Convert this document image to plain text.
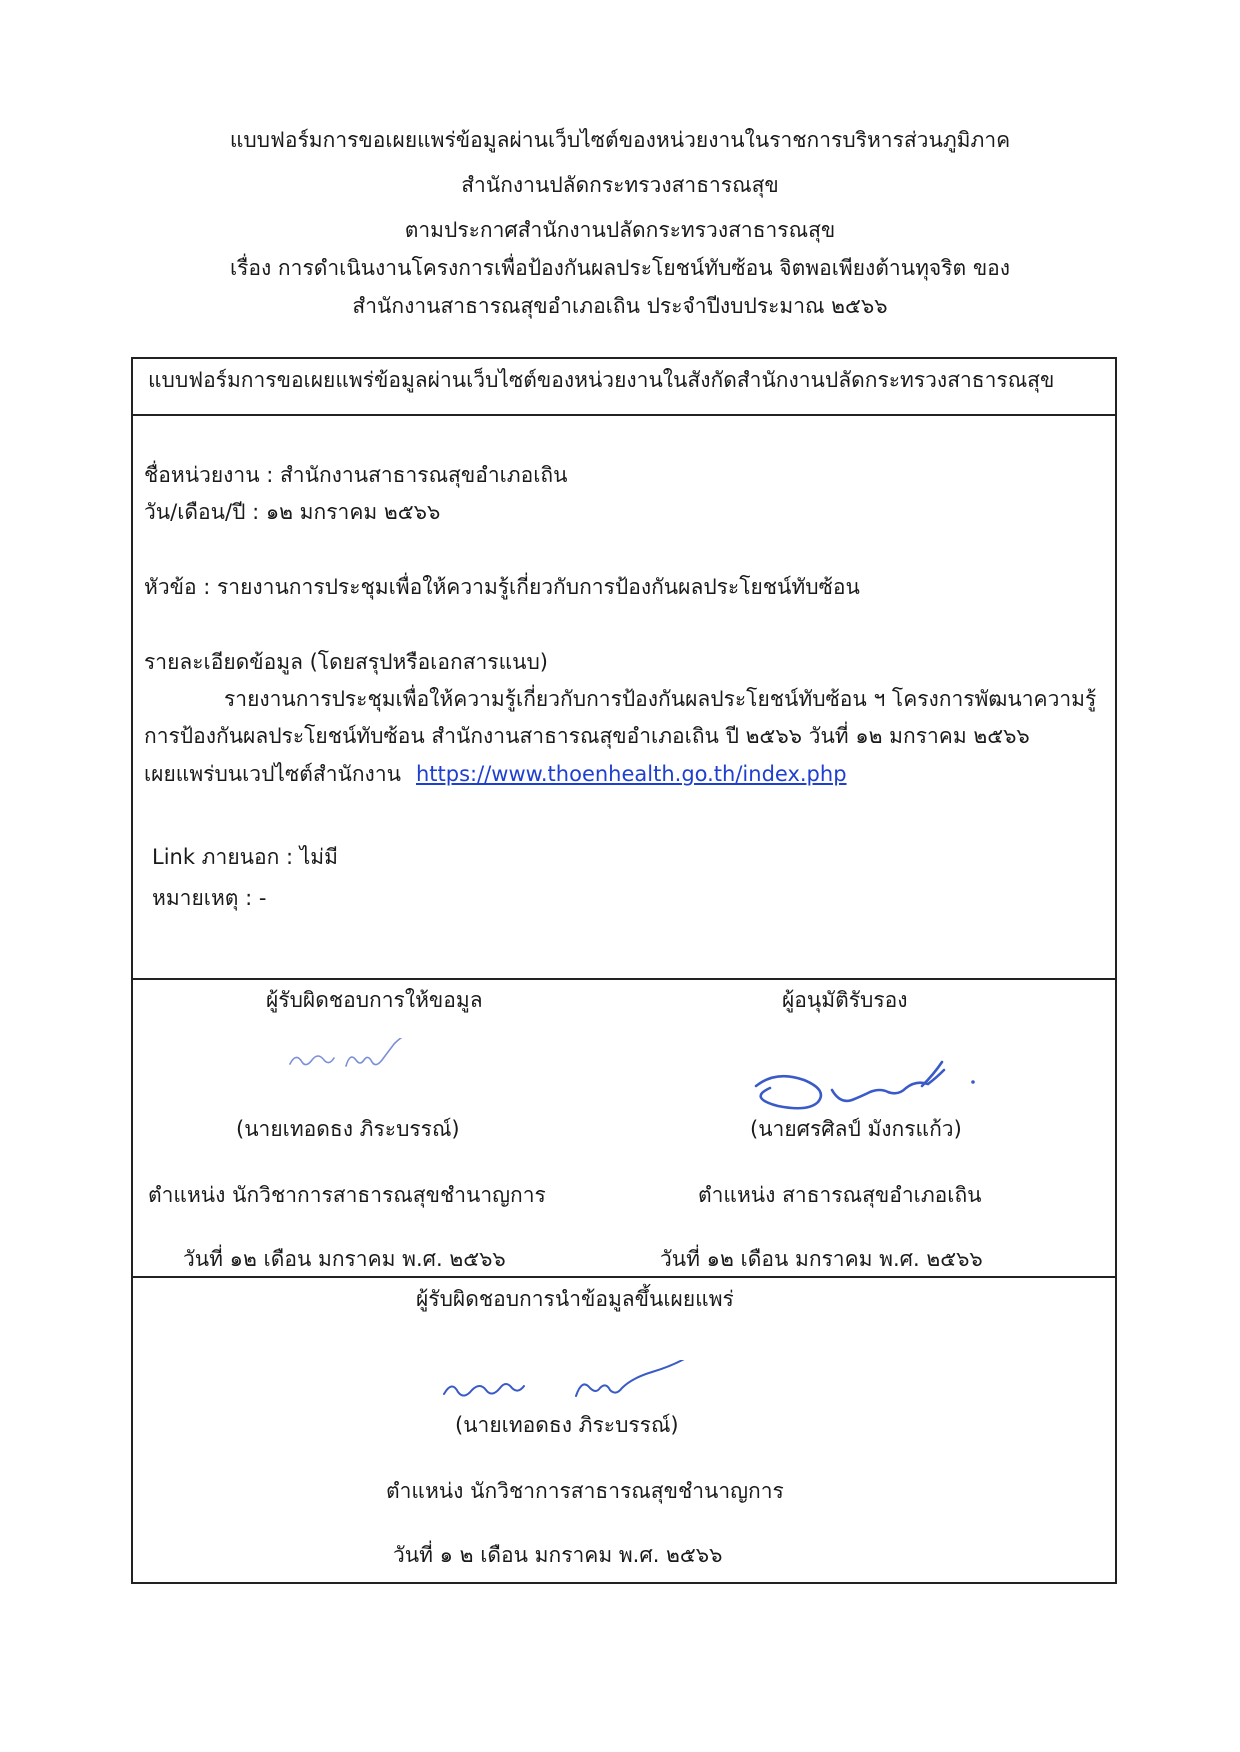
แบบฟอร์มการขอเผยแพร่ข้อมูลผ่านเว็บไซต์ของหน่วยงานในราชการบริหารส่วนภูมิภาค
สำนักงานปลัดกระทรวงสาธารณสุข
ตามประกาศสำนักงานปลัดกระทรวงสาธารณสุข
เรื่อง การดำเนินงานโครงการเพื่อป้องกันผลประโยชน์ทับซ้อน จิตพอเพียงต้านทุจริต ของ
สำนักงานสาธารณสุขอำเภอเถิน ประจำปีงบประมาณ ๒๕๖๖
แบบฟอร์มการขอเผยแพร่ข้อมูลผ่านเว็บไซต์ของหน่วยงานในสังกัดสำนักงานปลัดกระทรวงสาธารณสุข
ชื่อหน่วยงาน : สำนักงานสาธารณสุขอำเภอเถิน
วัน/เดือน/ปี : ๑๒ มกราคม ๒๕๖๖
หัวข้อ : รายงานการประชุมเพื่อให้ความรู้เกี่ยวกับการป้องกันผลประโยชน์ทับซ้อน
รายละเอียดข้อมูล (โดยสรุปหรือเอกสารแนบ)
รายงานการประชุมเพื่อให้ความรู้เกี่ยวกับการป้องกันผลประโยชน์ทับซ้อน ฯ โครงการพัฒนาความรู้
การป้องกันผลประโยชน์ทับซ้อน สำนักงานสาธารณสุขอำเภอเถิน ปี ๒๕๖๖ วันที่ ๑๒ มกราคม ๒๕๖๖
เผยแพร่บนเวปไซต์สำนักงาน https://www.thoenhealth.go.th/index.php
Link ภายนอก : ไม่มี
หมายเหตุ : -
ผู้รับผิดชอบการให้ขอมูล
(นายเทอดธง ภิระบรรณ์)
ตำแหน่ง นักวิชาการสาธารณสุขชำนาญการ
วันที่ ๑๒ เดือน มกราคม พ.ศ. ๒๕๖๖
ผู้อนุมัติรับรอง
(นายศรศิลป์ มังกรแก้ว)
ตำแหน่ง สาธารณสุขอำเภอเถิน
วันที่ ๑๒ เดือน มกราคม พ.ศ. ๒๕๖๖
ผู้รับผิดชอบการนำข้อมูลขึ้นเผยแพร่
(นายเทอดธง ภิระบรรณ์)
ตำแหน่ง นักวิชาการสาธารณสุขชำนาญการ
วันที่ ๑ ๒ เดือน มกราคม พ.ศ. ๒๕๖๖
